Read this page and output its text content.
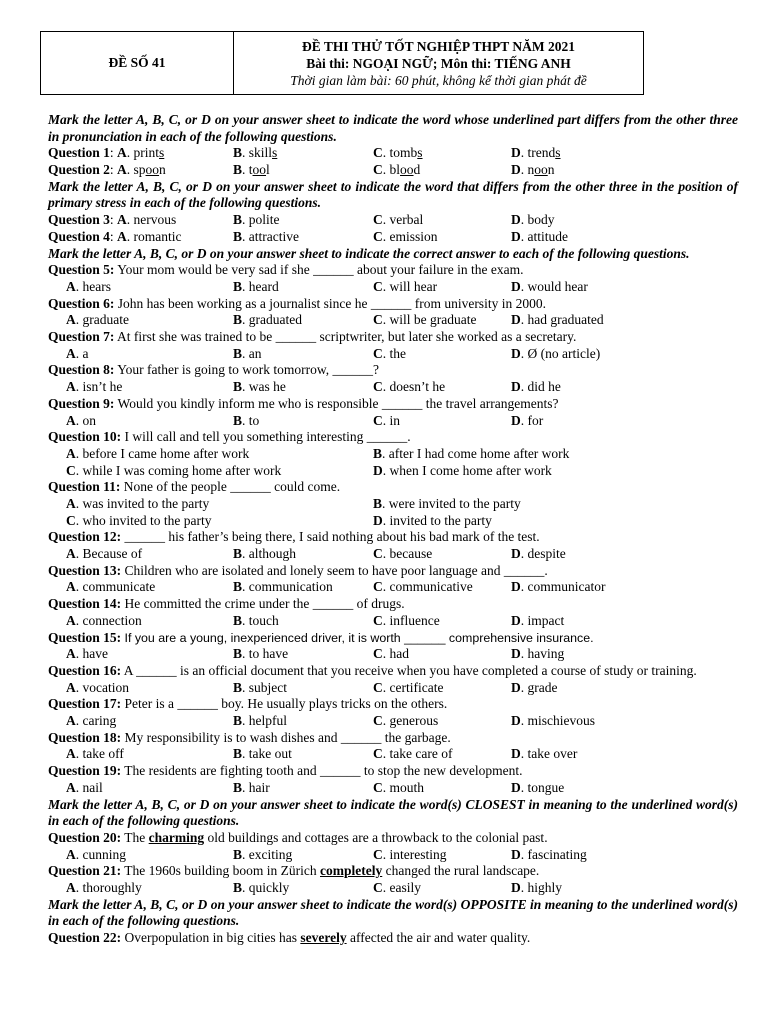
ĐỀ SỐ 41
ĐỀ THI THỬ TỐT NGHIỆP THPT NĂM 2021
Bài thi: NGOẠI NGỮ; Môn thi: TIẾNG ANH
Thời gian làm bài: 60 phút, không kể thời gian phát đề
Mark the letter A, B, C, or D on your answer sheet to indicate the word whose underlined part differs from the other three in pronunciation in each of the following questions.
Question 1: A. prints	B. skills	C. tombs	D. trends
Question 2: A. spoon	B. tool	C. blood	D. noon
Mark the letter A, B, C, or D on your answer sheet to indicate the word that differs from the other three in the position of primary stress in each of the following questions.
Question 3: A. nervous	B. polite	C. verbal	D. body
Question 4: A. romantic	B. attractive	C. emission	D. attitude
Mark the letter A, B, C, or D on your answer sheet to indicate the correct answer to each of the following questions.
Question 5: Your mom would be very sad if she ______ about your failure in the exam.
A. hears	B. heard	C. will hear	D. would hear
Question 6: John has been working as a journalist since he ______ from university in 2000.
A. graduate	B. graduated	C. will be graduate	D. had graduated
Question 7: At first she was trained to be ______ scriptwriter, but later she worked as a secretary.
A. a	B. an	C. the	D. Ø (no article)
Question 8: Your father is going to work tomorrow, ______?
A. isn’t he	B. was he	C. doesn’t he	D. did he
Question 9: Would you kindly inform me who is responsible ______ the travel arrangements?
A. on	B. to	C. in	D. for
Question 10: I will call and tell you something interesting ______.
A. before I came home after work	B. after I had come home after work
C. while I was coming home after work	D. when I come home after work
Question 11: None of the people ______ could come.
A. was invited to the party	B. were invited to the party
C. who invited to the party	D. invited to the party
Question 12: ______ his father’s being there, I said nothing about his bad mark of the test.
A. Because of	B. although	C. because	D. despite
Question 13: Children who are isolated and lonely seem to have poor language and ______.
A. communicate	B. communication	C. communicative	D. communicator
Question 14: He committed the crime under the ______ of drugs.
A. connection	B. touch	C. influence	D. impact
Question 15: If you are a young, inexperienced driver, it is worth ______ comprehensive insurance.
A. have	B. to have	C. had	D. having
Question 16: A ______ is an official document that you receive when you have completed a course of study or training.
A. vocation	B. subject	C. certificate	D. grade
Question 17: Peter is a ______ boy. He usually plays tricks on the others.
A. caring	B. helpful	C. generous	D. mischievous
Question 18: My responsibility is to wash dishes and ______ the garbage.
A. take off	B. take out	C. take care of	D. take over
Question 19: The residents are fighting tooth and ______ to stop the new development.
A. nail	B. hair	C. mouth	D. tongue
Mark the letter A, B, C, or D on your answer sheet to indicate the word(s) CLOSEST in meaning to the underlined word(s) in each of the following questions.
Question 20: The charming old buildings and cottages are a throwback to the colonial past.
A. cunning	B. exciting	C. interesting	D. fascinating
Question 21: The 1960s building boom in Zürich completely changed the rural landscape.
A. thoroughly	B. quickly	C. easily	D. highly
Mark the letter A, B, C, or D on your answer sheet to indicate the word(s) OPPOSITE in meaning to the underlined word(s) in each of the following questions.
Question 22: Overpopulation in big cities has severely affected the air and water quality.
